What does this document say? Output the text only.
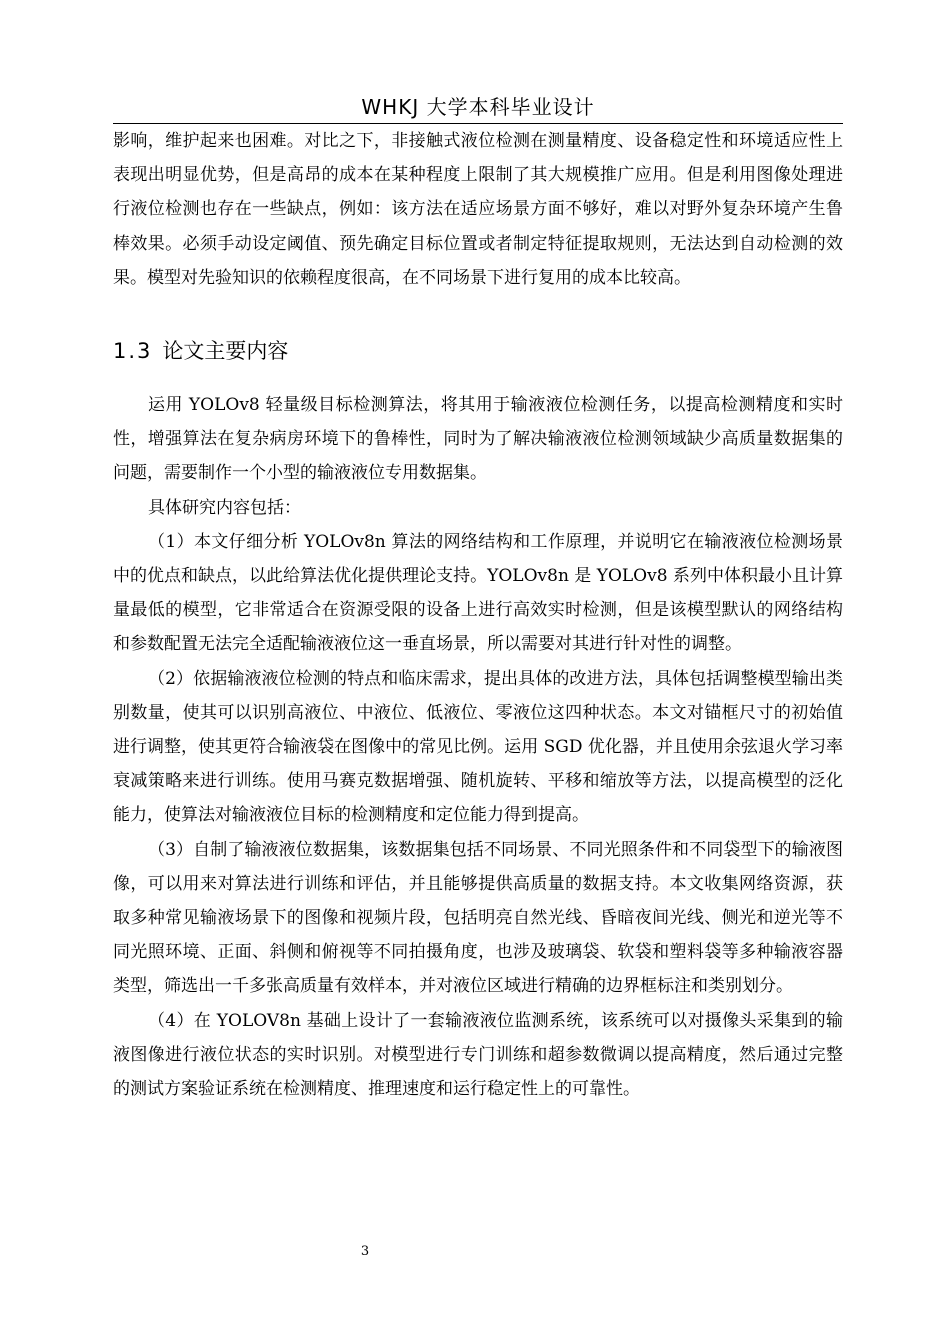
WHKJ 大学本科毕业设计

影响，维护起来也困难。对比之下，非接触式液位检测在测量精度、设备稳定性和环境适应性上表现出明显优势，但是高昂的成本在某种程度上限制了其大规模推广应用。但是利用图像处理进行液位检测也存在一些缺点，例如：该方法在适应场景方面不够好，难以对野外复杂环境产生鲁棒效果。必须手动设定阈值、预先确定目标位置或者制定特征提取规则，无法达到自动检测的效果。模型对先验知识的依赖程度很高，在不同场景下进行复用的成本比较高。

1.3 论文主要内容

运用 YOLOv8 轻量级目标检测算法，将其用于输液液位检测任务，以提高检测精度和实时性，增强算法在复杂病房环境下的鲁棒性，同时为了解决输液液位检测领域缺少高质量数据集的问题，需要制作一个小型的输液液位专用数据集。

具体研究内容包括：

（1）本文仔细分析 YOLOv8n 算法的网络结构和工作原理，并说明它在输液液位检测场景中的优点和缺点，以此给算法优化提供理论支持。YOLOv8n 是 YOLOv8 系列中体积最小且计算量最低的模型，它非常适合在资源受限的设备上进行高效实时检测，但是该模型默认的网络结构和参数配置无法完全适配输液液位这一垂直场景，所以需要对其进行针对性的调整。

（2）依据输液液位检测的特点和临床需求，提出具体的改进方法，具体包括调整模型输出类别数量，使其可以识别高液位、中液位、低液位、零液位这四种状态。本文对锚框尺寸的初始值进行调整，使其更符合输液袋在图像中的常见比例。运用 SGD 优化器，并且使用余弦退火学习率衰减策略来进行训练。使用马赛克数据增强、随机旋转、平移和缩放等方法，以提高模型的泛化能力，使算法对输液液位目标的检测精度和定位能力得到提高。

（3）自制了输液液位数据集，该数据集包括不同场景、不同光照条件和不同袋型下的输液图像，可以用来对算法进行训练和评估，并且能够提供高质量的数据支持。本文收集网络资源，获取多种常见输液场景下的图像和视频片段，包括明亮自然光线、昏暗夜间光线、侧光和逆光等不同光照环境、正面、斜侧和俯视等不同拍摄角度，也涉及玻璃袋、软袋和塑料袋等多种输液容器类型，筛选出一千多张高质量有效样本，并对液位区域进行精确的边界框标注和类别划分。

（4）在 YOLOV8n 基础上设计了一套输液液位监测系统，该系统可以对摄像头采集到的输液图像进行液位状态的实时识别。对模型进行专门训练和超参数微调以提高精度，然后通过完整的测试方案验证系统在检测精度、推理速度和运行稳定性上的可靠性。

3
